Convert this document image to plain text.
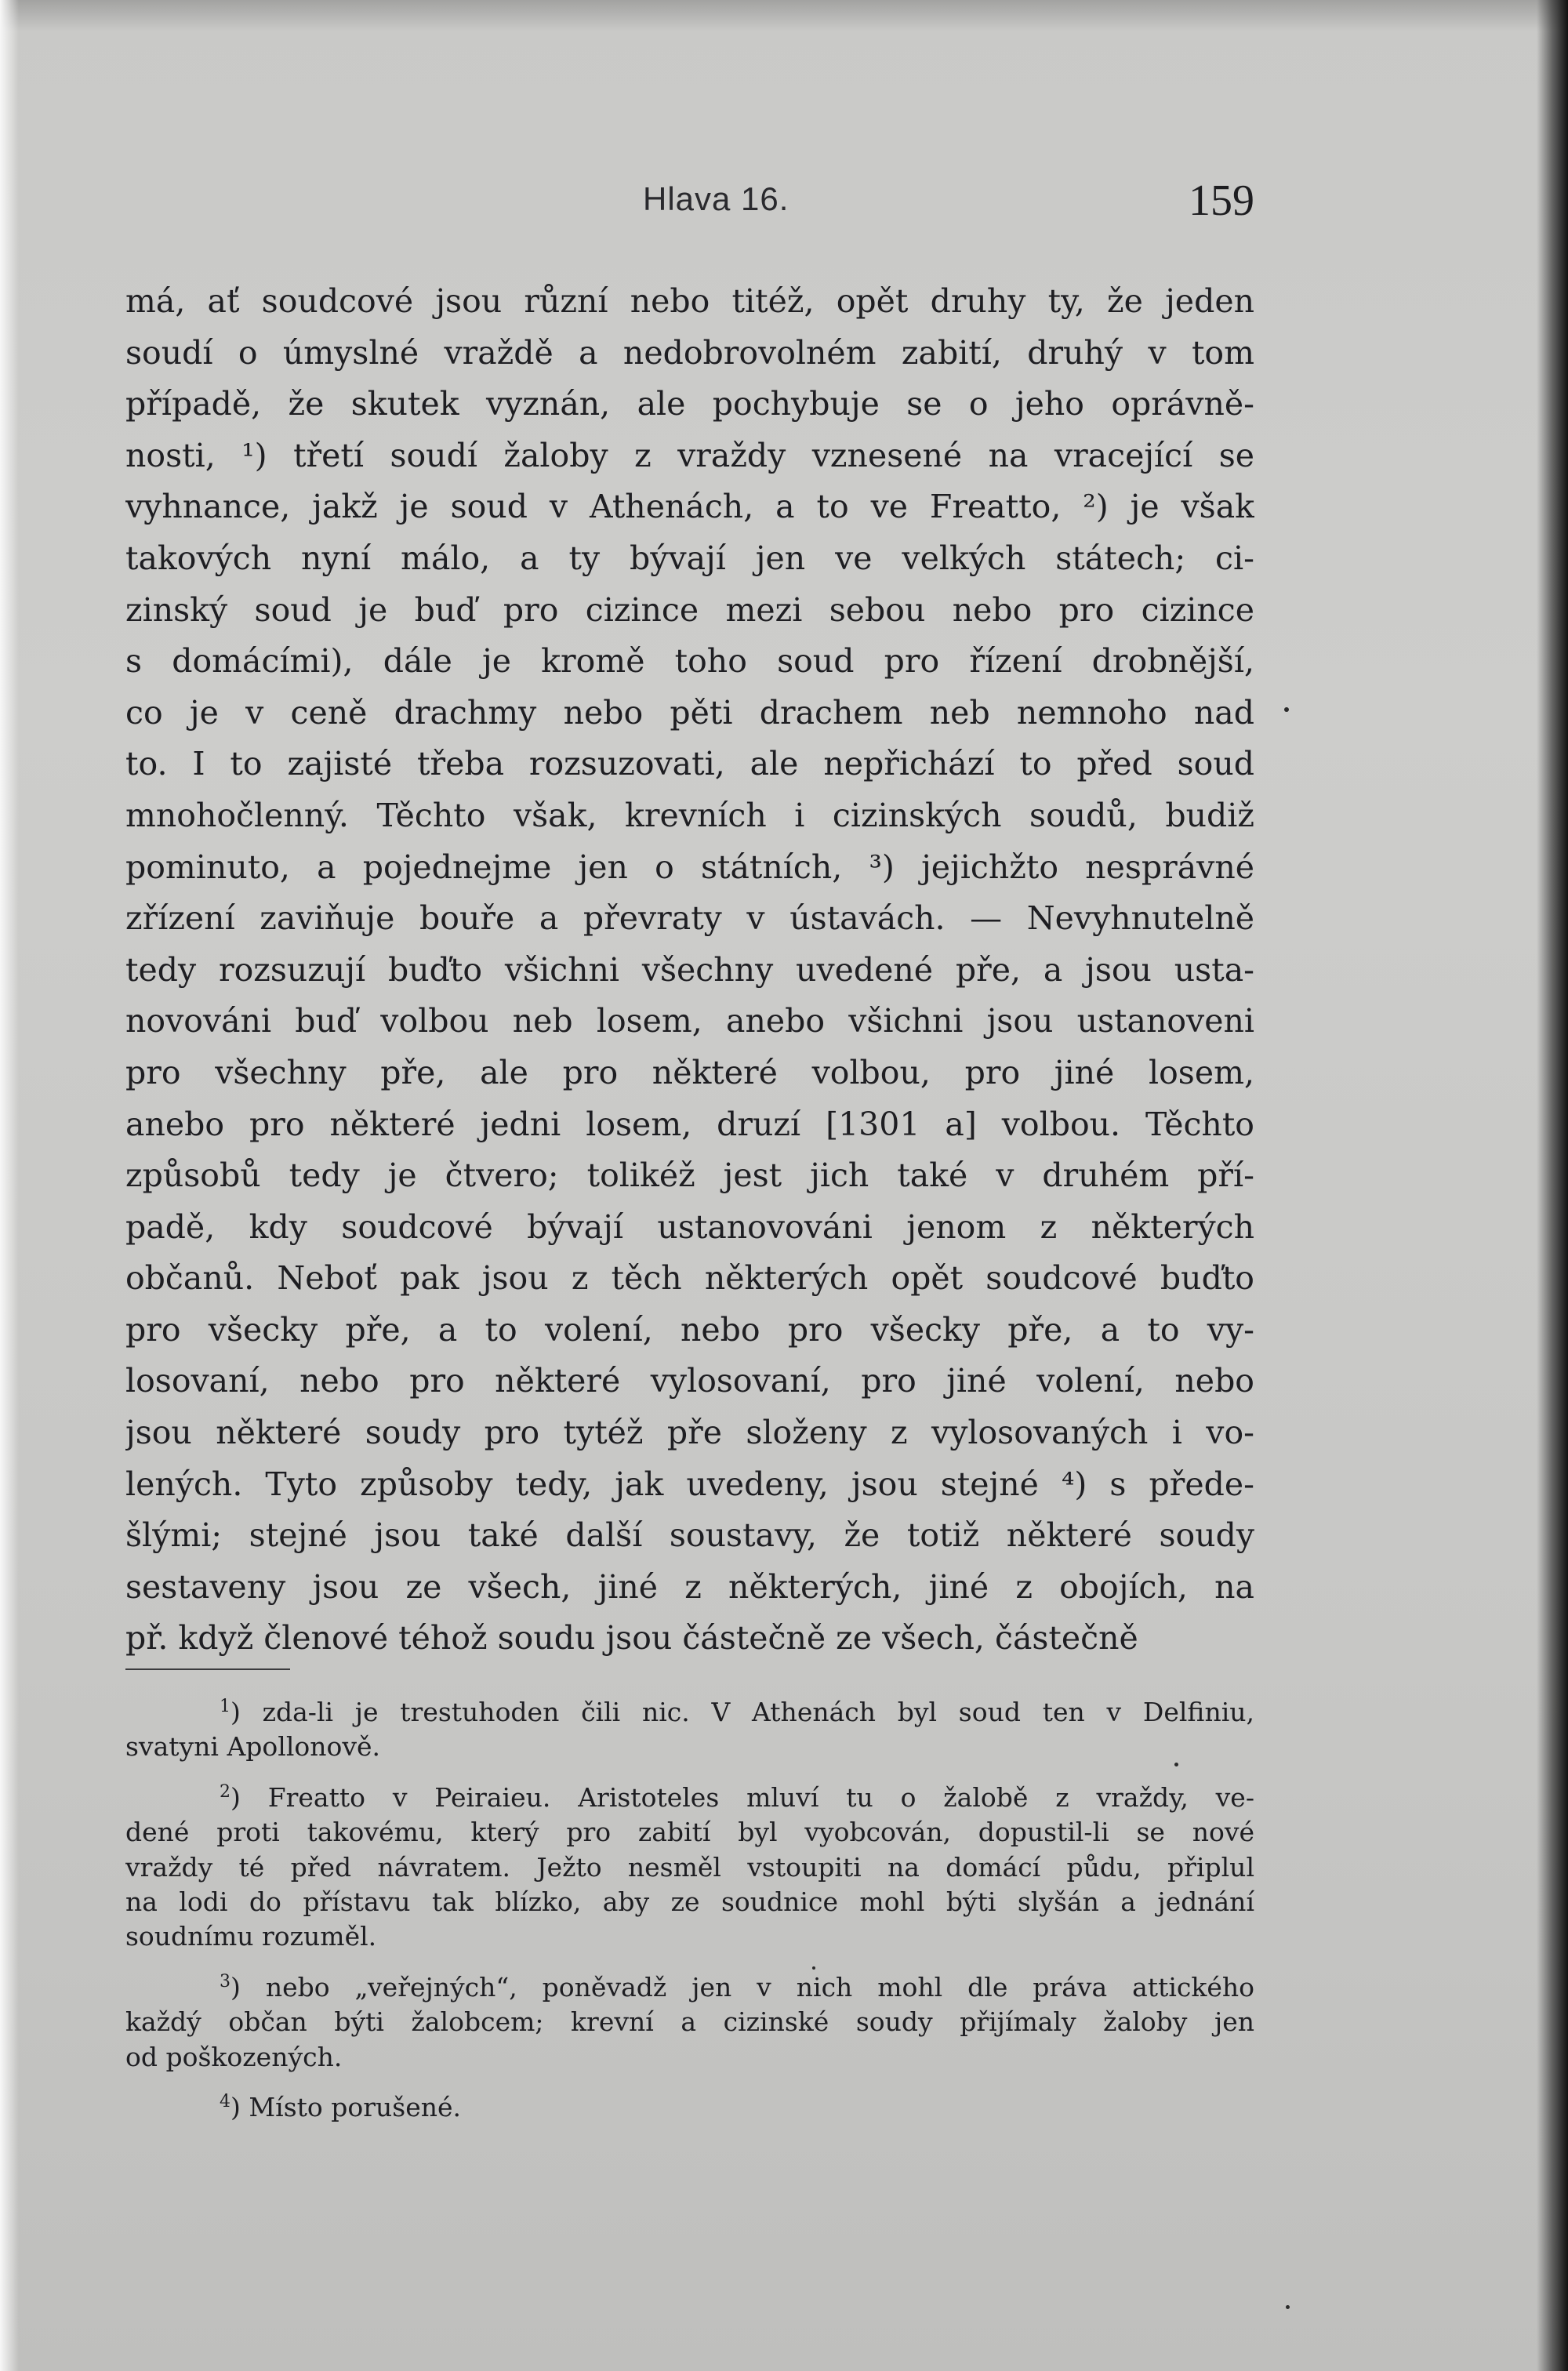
Hlava 16.	159
má, ať soudcové jsou různí nebo titéž, opět druhy ty, že jeden
soudí o úmyslné vraždě a nedobrovolném zabití, druhý v tom
případě, že skutek vyznán, ale pochybuje se o jeho oprávně-
nosti, ¹) třetí soudí žaloby z vraždy vznesené na vracející se
vyhnance, jakž je soud v Athenách, a to ve Freatto, ²) je však
takových nyní málo, a ty bývají jen ve velkých státech; ci-
zinský soud je buď pro cizince mezi sebou nebo pro cizince
s domácími), dále je kromě toho soud pro řízení drobnější,
co je v ceně drachmy nebo pěti drachem neb nemnoho nad
to. I to zajisté třeba rozsuzovati, ale nepřichází to před soud
mnohočlenný. Těchto však, krevních i cizinských soudů, budiž
pominuto, a pojednejme jen o státních, ³) jejichžto nesprávné
zřízení zaviňuje bouře a převraty v ústavách. — Nevyhnutelně
tedy rozsuzují buďto všichni všechny uvedené pře, a jsou usta-
novováni buď volbou neb losem, anebo všichni jsou ustanoveni
pro všechny pře, ale pro některé volbou, pro jiné losem,
anebo pro některé jedni losem, druzí [1301 a] volbou. Těchto
způsobů tedy je čtvero; tolikéž jest jich také v druhém pří-
padě, kdy soudcové bývají ustanovováni jenom z některých
občanů. Neboť pak jsou z těch některých opět soudcové buďto
pro všecky pře, a to volení, nebo pro všecky pře, a to vy-
losovaní, nebo pro některé vylosovaní, pro jiné volení, nebo
jsou některé soudy pro tytéž pře složeny z vylosovaných i vo-
lených. Tyto způsoby tedy, jak uvedeny, jsou stejné ⁴) s přede-
šlými; stejné jsou také další soustavy, že totiž některé soudy
sestaveny jsou ze všech, jiné z některých, jiné z obojích, na
př. když členové téhož soudu jsou částečně ze všech, částečně
$^1$) zda-li je trestuhoden čili nic. V Athenách byl soud ten v Delfiniu,
svatyni Apollonově.
$^2$) Freatto v Peiraieu. Aristoteles mluví tu o žalobě z vraždy, ve-
dené proti takovému, který pro zabití byl vyobcován, dopustil-li se nové
vraždy té před návratem. Ježto nesměl vstoupiti na domácí půdu, připlul
na lodi do přístavu tak blízko, aby ze soudnice mohl býti slyšán a jednání
soudnímu rozuměl.
$^3$) nebo „veřejných“, poněvadž jen v nich mohl dle práva attického
každý občan býti žalobcem; krevní a cizinské soudy přijímaly žaloby jen
od poškozených.
$^4$) Místo porušené.
